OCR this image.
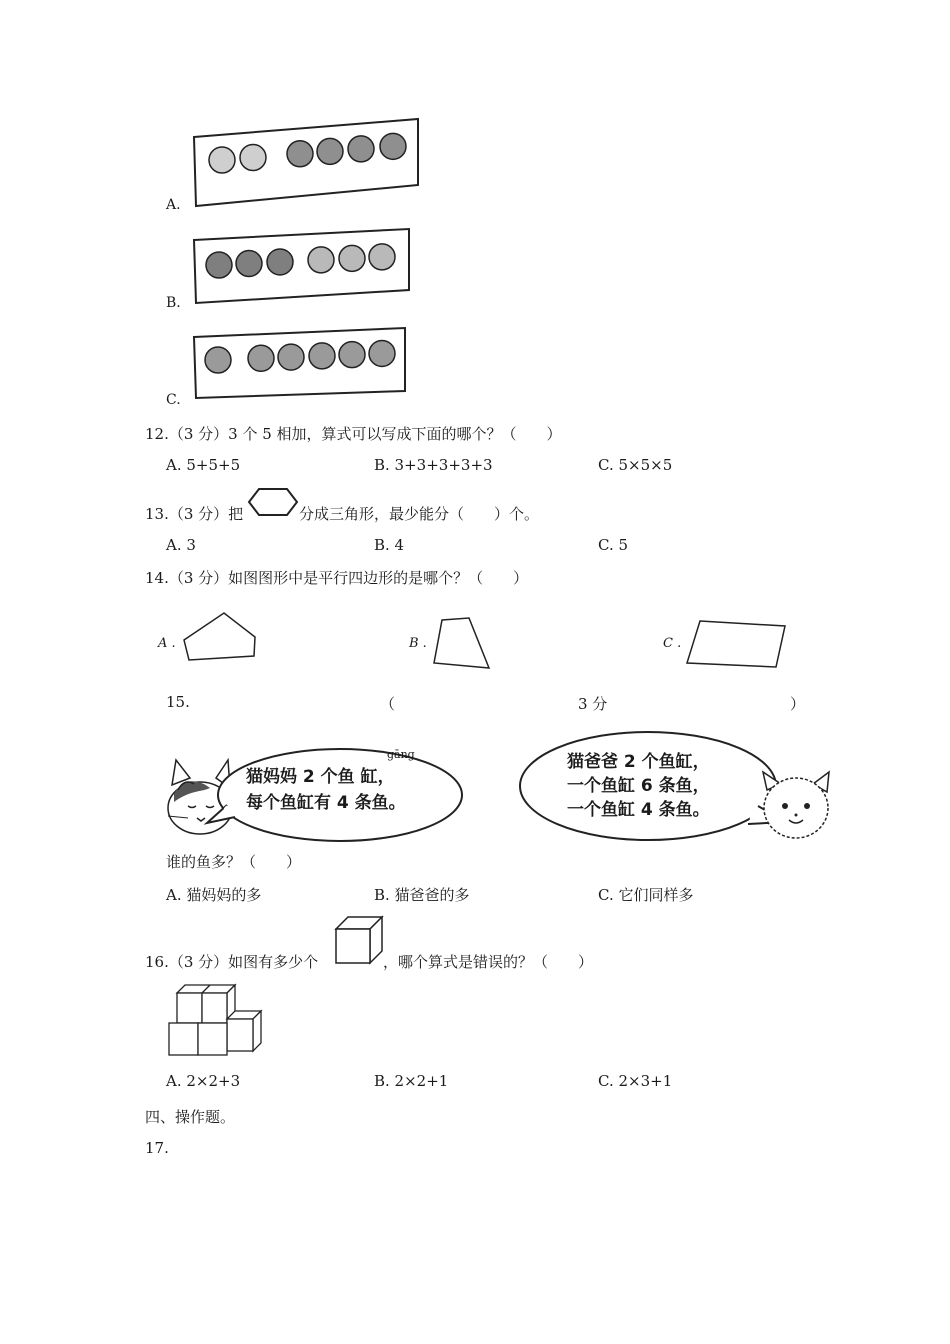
A.
B.
C.
12.（3 分）3 个 5 相加，算式可以写成下面的哪个？（　　）
A. 5+5+5	B. 3+3+3+3+3	C. 5×5×5
13.（3 分）把	分成三角形，最少能分（　　）个。
A. 3	B. 4	C. 5
14.（3 分）如图图形中是平行四边形的是哪个？（　　）
A .	B .	C .
15.	（	3 分	）
gāng
猫妈妈 2 个鱼 缸，
每个鱼缸有 4 条鱼。
猫爸爸 2 个鱼缸，
一个鱼缸 6 条鱼，
一个鱼缸 4 条鱼。
谁的鱼多？（　　）
A. 猫妈妈的多	B. 猫爸爸的多	C. 它们同样多
16.（3 分）如图有多少个	，哪个算式是错误的？（　　）
A. 2×2+3	B. 2×2+1	C. 2×3+1
四、操作题。
17.
